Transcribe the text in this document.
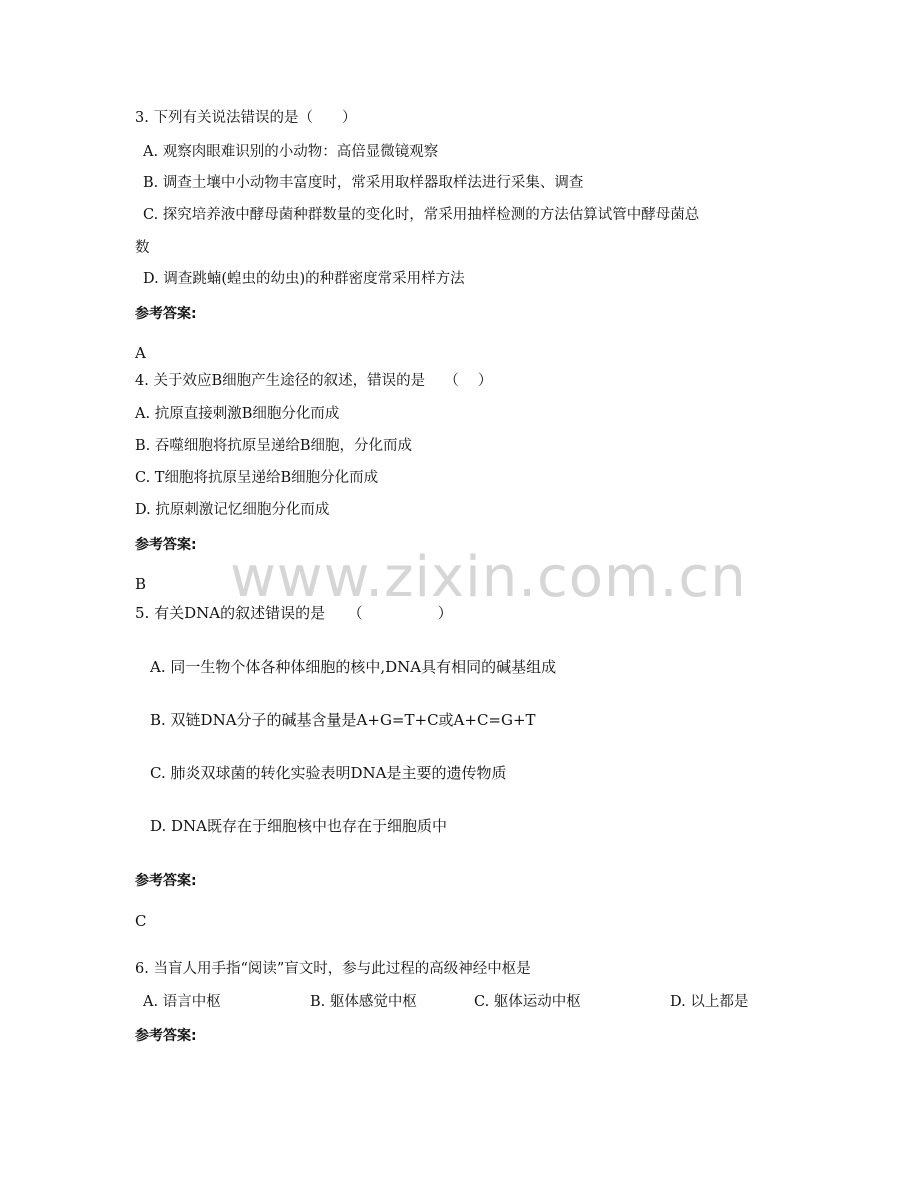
www.zixin.com.cn
3. 下列有关说法错误的是（　　）
A. 观察肉眼难识别的小动物：高倍显微镜观察
B. 调查土壤中小动物丰富度时，常采用取样器取样法进行采集、调查
C. 探究培养液中酵母菌种群数量的变化时，常采用抽样检测的方法估算试管中酵母菌总
数
D. 调查跳蝻(蝗虫的幼虫)的种群密度常采用样方法
参考答案:
A
4. 关于效应B细胞产生途径的叙述，错误的是　 （　 ）
A. 抗原直接刺激B细胞分化而成
B. 吞噬细胞将抗原呈递给B细胞，分化而成
C. T细胞将抗原呈递给B细胞分化而成
D. 抗原刺激记忆细胞分化而成
参考答案:
B
5. 有关DNA的叙述错误的是　　（　　　　　）
A. 同一生物个体各种体细胞的核中,DNA具有相同的碱基组成
B. 双链DNA分子的碱基含量是A+G=T+C或A+C=G+T
C. 肺炎双球菌的转化实验表明DNA是主要的遗传物质
D. DNA既存在于细胞核中也存在于细胞质中
参考答案:
C
6. 当盲人用手指“阅读”盲文时，参与此过程的高级神经中枢是
A. 语言中枢	B. 躯体感觉中枢	C. 躯体运动中枢	D. 以上都是
参考答案:
